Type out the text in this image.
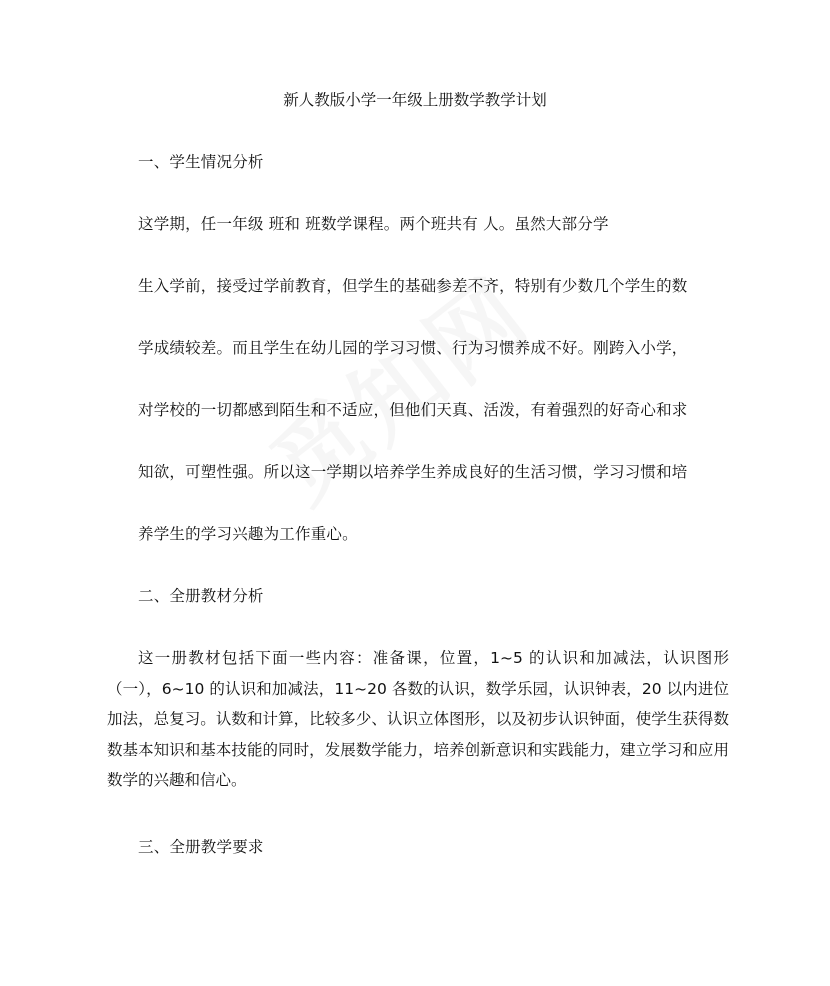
新人教版小学一年级上册数学教学计划
一、学生情况分析
这学期，任一年级 班和 班数学课程。两个班共有 人。虽然大部分学
生入学前，接受过学前教育，但学生的基础参差不齐，特别有少数几个学生的数
学成绩较差。而且学生在幼儿园的学习习惯、行为习惯养成不好。刚跨入小学，
对学校的一切都感到陌生和不适应，但他们天真、活泼，有着强烈的好奇心和求
知欲，可塑性强。所以这一学期以培养学生养成良好的生活习惯，学习习惯和培
养学生的学习兴趣为工作重心。
二、全册教材分析

这一册教材包括下面一些内容：准备课，位置，1~5 的认识和加减法，认识图形（一），6~10 的认识和加减法，11~20 各数的认识，数学乐园，认识钟表，20 以内进位加法，总复习。认数和计算，比较多少、认识立体图形，以及初步认识钟面，使学生获得数数基本知识和基本技能的同时，发展数学能力，培养创新意识和实践能力，建立学习和应用数学的兴趣和信心。

三、全册教学要求
